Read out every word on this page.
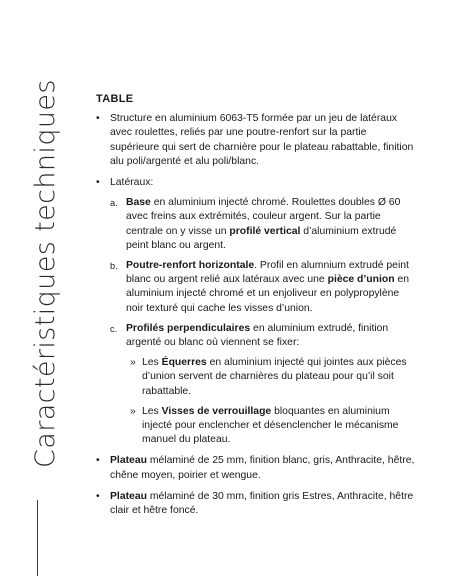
Caractéristiques techniques	TABLE
• Structure en aluminium 6063-T5 formée par un jeu de latéraux avec roulettes, reliés par une poutre-renfort sur la partie supérieure qui sert de charnière pour le plateau rabattable, finition alu poli/argenté et alu poli/blanc.

• Latéraux:

a. Base en aluminium injecté chromé. Roulettes doubles Ø 60 avec freins aux extrémités, couleur argent. Sur la partie centrale on y visse un profilé vertical d’aluminium extrudé peint blanc ou argent.

b. Poutre-renfort horizontale. Profil en alumnium extrudé peint blanc ou argent relié aux latéraux avec une pièce d’union en aluminium injecté chromé et un enjoliveur en polypropylène noir texturé qui cache les visses d’union.

c. Profilés perpendiculaires en aluminium extrudé, finition argenté ou blanc où viennent se fixer:

» Les Équerres en aluminium injecté qui jointes aux pièces d’union servent de charnières du plateau pour qu’il soit rabattable.

» Les Visses de verrouillage bloquantes en aluminium injecté pour enclencher et désenclencher le mécanisme manuel du plateau.

• Plateau mélaminé de 25 mm, finition blanc, gris, Anthracite, hêtre, chêne moyen, poirier et wengue.

• Plateau mélaminé de 30 mm, finition gris Estres, Anthracite, hêtre clair et hêtre foncé.
